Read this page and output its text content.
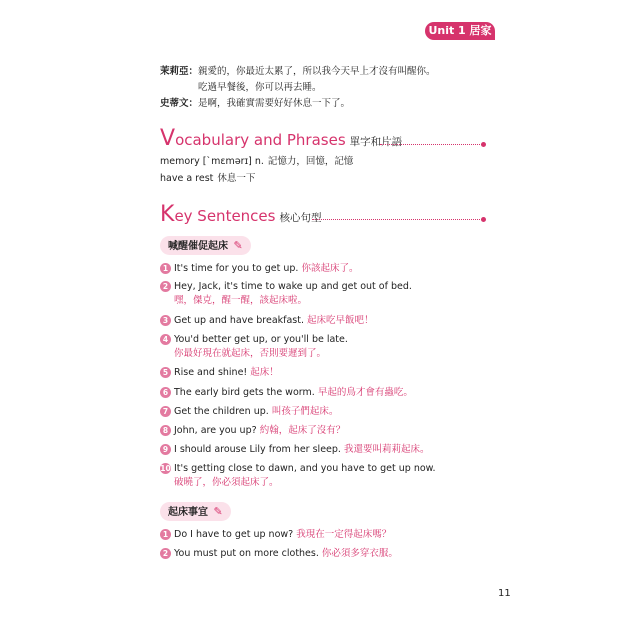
Unit 1 居家
茉莉亞： 親愛的，你最近太累了，所以我今天早上才沒有叫醒你。
吃過早餐後，你可以再去睡。
史蒂文： 是啊，我確實需要好好休息一下了。
V ocabulary and Phrases 單字和片語
memory [ˋmɛmərɪ] n. 記憶力，回憶，記憶
have a rest 休息一下
K ey Sentences 核心句型
喊醒催促起床 ✎
1 It's time for you to get up. 你該起床了。
2 Hey, Jack, it's time to wake up and get out of bed.
嘿，傑克，醒一醒，該起床啦。
3 Get up and have breakfast. 起床吃早飯吧！
4 You'd better get up, or you'll be late.
你最好現在就起床，否則要遲到了。
5 Rise and shine! 起床！
6 The early bird gets the worm. 早起的鳥才會有蟲吃。
7 Get the children up. 叫孩子們起床。
8 John, are you up? 約翰，起床了沒有？
9 I should arouse Lily from her sleep. 我還要叫莉莉起床。
10 It's getting close to dawn, and you have to get up now.
破曉了，你必須起床了。
起床事宜 ✎
1 Do I have to get up now? 我現在一定得起床嗎？
2 You must put on more clothes. 你必須多穿衣服。
11
